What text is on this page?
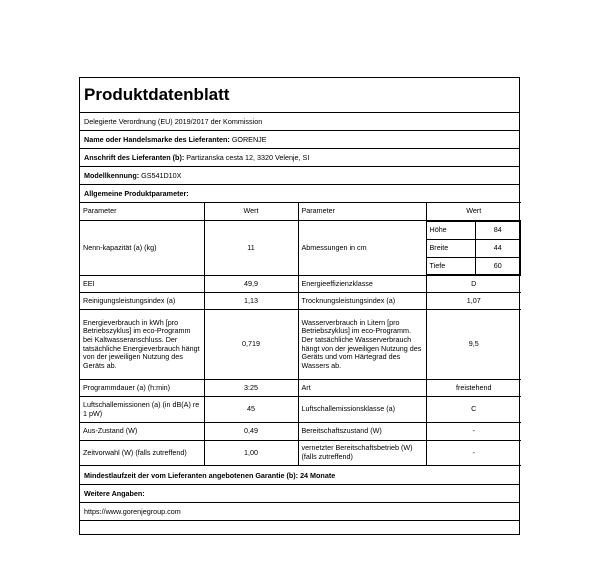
Produktdatenblatt
Delegierte Verordnung (EU) 2019/2017 der Kommission
Name oder Handelsmarke des Lieferanten:
GORENJE
Anschrift des Lieferanten (b):
Partizanska cesta 12, 3320 Velenje, SI
Modellkennung:
GS541D10X
Allgemeine Produktparameter:
Parameter	Wert	Parameter	Wert
Nenn-kapazität (a) (kg)	11	Abmessungen in cm	
Höhe	84
Breite	44
Tiefe	60

EEI	49,9	Energieeffizienzklasse	D
Reinigungsleistungsindex (a)	1,13	Trocknungsleistungsindex (a)	1,07
Energieverbrauch in kWh [pro Betriebszyklus] im eco-Programm bei Kaltwasseranschluss. Der tatsächliche Energieverbrauch hängt von der jeweiligen Nutzung des Geräts ab.	0,719	Wasserverbrauch in Litern [pro Betriebszyklus] im eco-Programm. Der tatsächliche Wasserverbrauch hängt von der jeweiligen Nutzung des Geräts und vom Härtegrad des Wassers ab.	9,5
Programmdauer (a) (h:min)	3:25	Art	freistehend
Luftschallemissionen (a) (in dB(A) re 1 pW)	45	Luftschallemissionsklasse (a)	C
Aus-Zustand (W)	0,49	Bereitschaftszustand (W)	-
Zeitvorwahl (W) (falls zutreffend)	1,00	vernetzter Bereitschaftsbetrieb (W) (falls zutreffend)	-
Mindestlaufzeit der vom Lieferanten angebotenen Garantie (b):
24 Monate
Weitere Angaben:
https://www.gorenjegroup.com
